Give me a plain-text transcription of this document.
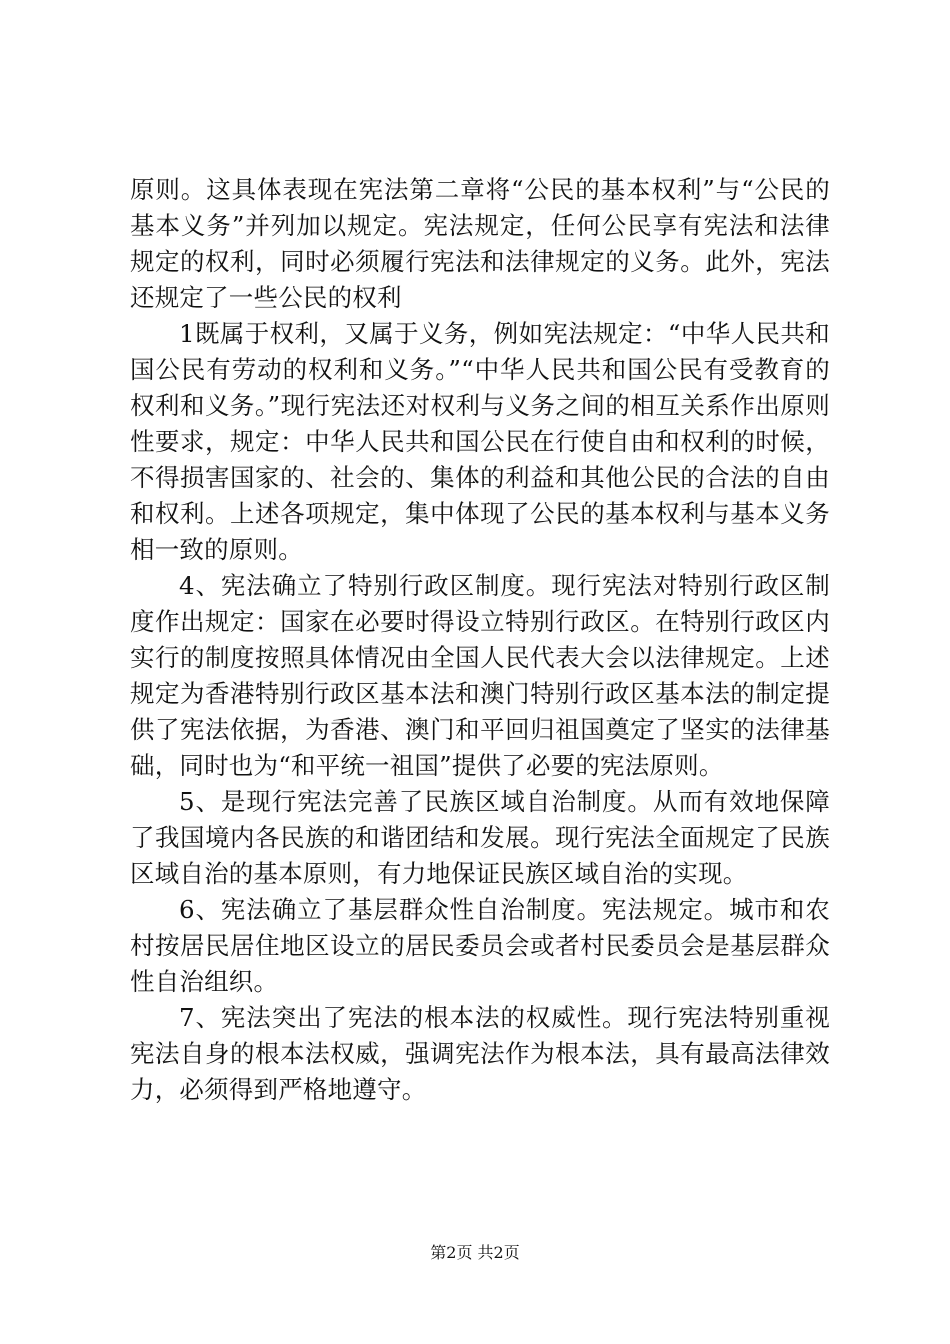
原则。这具体表现在宪法第二章将“公民的基本权利”与“公民的基本义务”并列加以规定。宪法规定，任何公民享有宪法和法律规定的权利，同时必须履行宪法和法律规定的义务。此外，宪法还规定了一些公民的权利

1既属于权利，又属于义务，例如宪法规定：“中华人民共和国公民有劳动的权利和义务。”“中华人民共和国公民有受教育的权利和义务。”现行宪法还对权利与义务之间的相互关系作出原则性要求，规定：中华人民共和国公民在行使自由和权利的时候，不得损害国家的、社会的、集体的利益和其他公民的合法的自由和权利。上述各项规定，集中体现了公民的基本权利与基本义务相一致的原则。

4、宪法确立了特别行政区制度。现行宪法对特别行政区制度作出规定：国家在必要时得设立特别行政区。在特别行政区内实行的制度按照具体情况由全国人民代表大会以法律规定。上述规定为香港特别行政区基本法和澳门特别行政区基本法的制定提供了宪法依据，为香港、澳门和平回归祖国奠定了坚实的法律基础，同时也为“和平统一祖国”提供了必要的宪法原则。

5、是现行宪法完善了民族区域自治制度。从而有效地保障了我国境内各民族的和谐团结和发展。现行宪法全面规定了民族区域自治的基本原则，有力地保证民族区域自治的实现。

6、宪法确立了基层群众性自治制度。宪法规定。城市和农村按居民居住地区设立的居民委员会或者村民委员会是基层群众性自治组织。

7、宪法突出了宪法的根本法的权威性。现行宪法特别重视宪法自身的根本法权威，强调宪法作为根本法，具有最高法律效力，必须得到严格地遵守。

第2页 共2页
